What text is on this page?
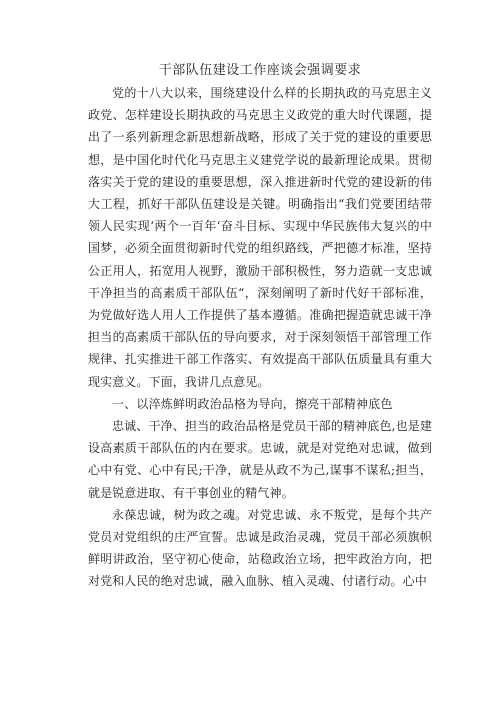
干部队伍建设工作座谈会强调要求

党的十八大以来，围绕建设什么样的长期执政的马克思主义政党、怎样建设长期执政的马克思主义政党的重大时代课题，提出了一系列新理念新思想新战略，形成了关于党的建设的重要思想，是中国化时代化马克思主义建党学说的最新理论成果。贯彻落实关于党的建设的重要思想，深入推进新时代党的建设新的伟大工程，抓好干部队伍建设是关键。明确指出“我们党要团结带领人民实现‘两个一百年‘奋斗目标、实现中华民族伟大复兴的中国梦，必须全面贯彻新时代党的组织路线，严把德才标准，坚持公正用人，拓宽用人视野，激励干部积极性，努力造就一支忠诚干净担当的高素质干部队伍“，深刻阐明了新时代好干部标准，为党做好选人用人工作提供了基本遵循。准确把握造就忠诚干净担当的高素质干部队伍的导向要求，对于深刻领悟干部管理工作规律、扎实推进干部工作落实、有效提高干部队伍质量具有重大现实意义。下面，我讲几点意见。

一、以淬炼鲜明政治品格为导向，擦亮干部精神底色

忠诚、干净、担当的政治品格是党员干部的精神底色,也是建设高素质干部队伍的内在要求。忠诚，就是对党绝对忠诚，做到心中有党、心中有民;干净，就是从政不为己,谋事不谋私;担当，就是锐意进取、有干事创业的精气神。

永葆忠诚，树为政之魂。对党忠诚、永不叛党，是每个共产党员对党组织的庄严宣誓。忠诚是政治灵魂，党员干部必须旗帜鲜明讲政治，坚守初心使命，站稳政治立场，把牢政治方向，把对党和人民的绝对忠诚，融入血脉、植入灵魂、付诸行动。心中
